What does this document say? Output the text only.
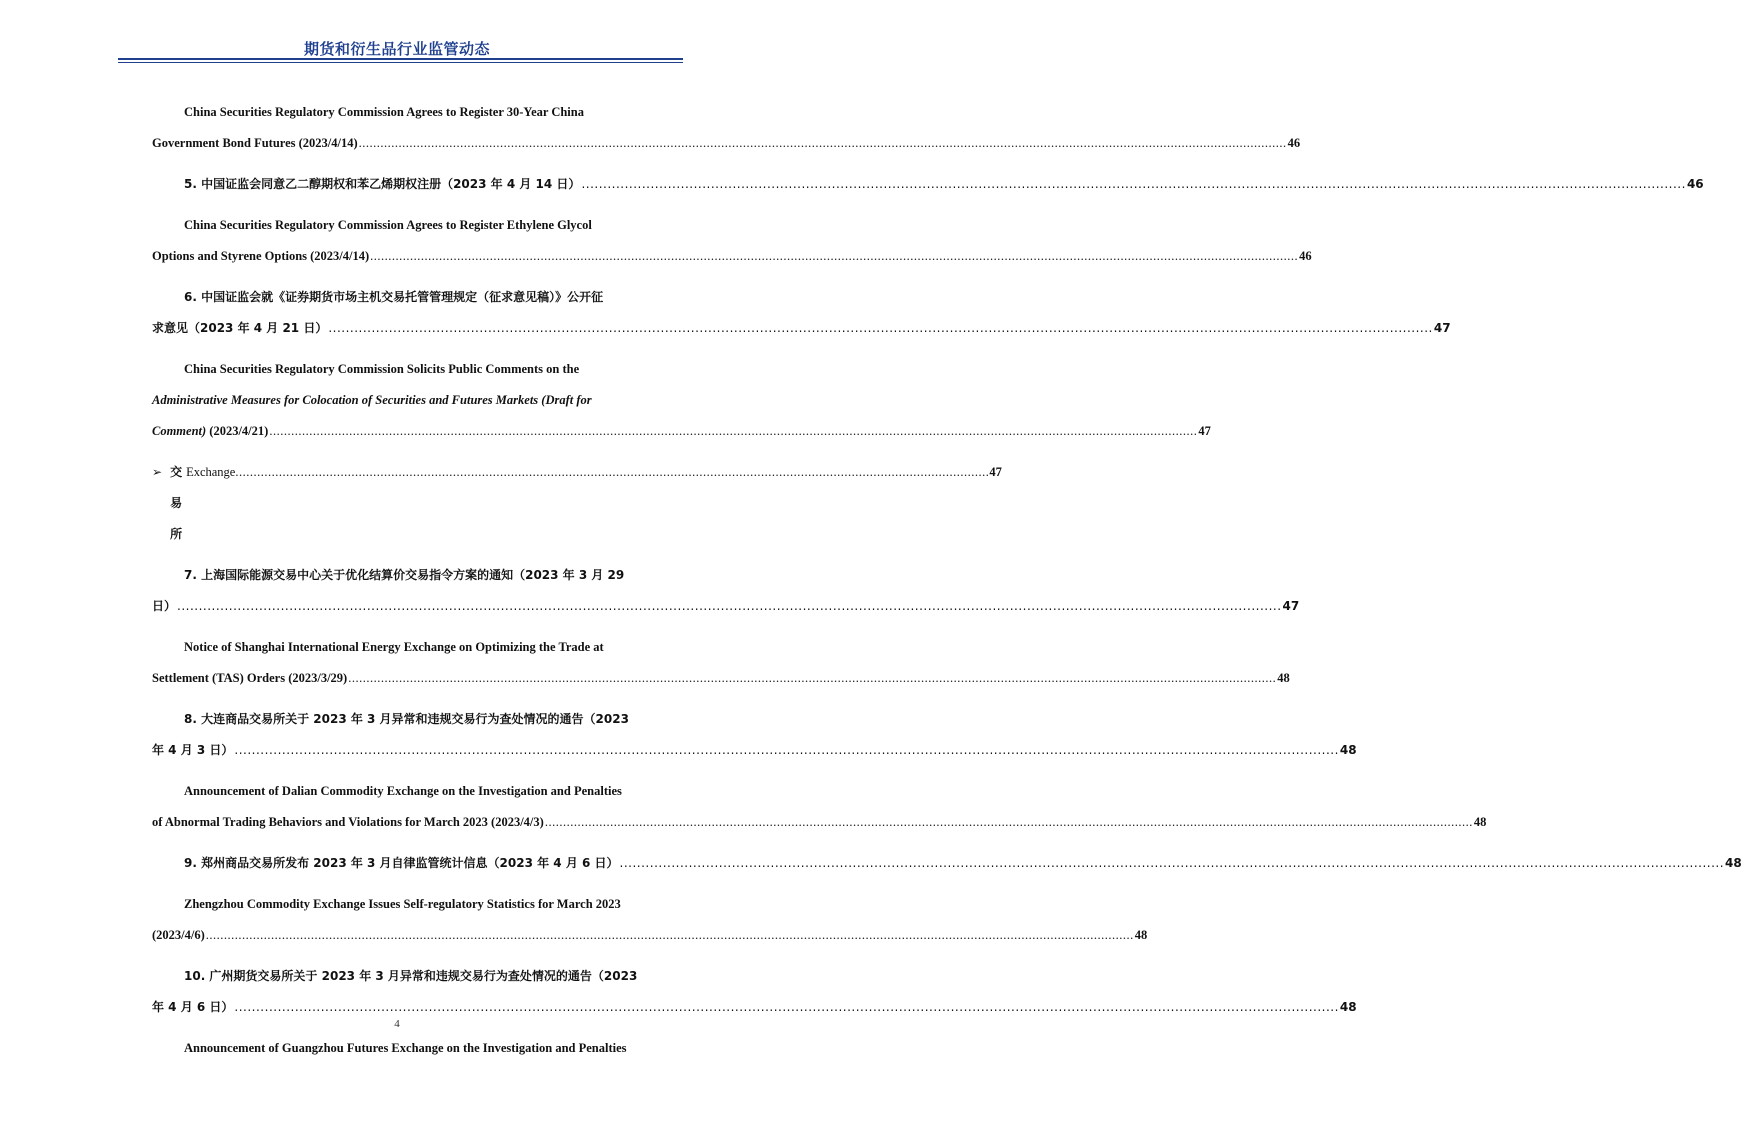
期货和衍生品行业监管动态
China Securities Regulatory Commission Agrees to Register 30-Year China
Government Bond Futures (2023/4/14) .....	46
5. 中国证监会同意乙二醇期权和苯乙烯期权注册（2023 年 4 月 14 日） .....	46
China Securities Regulatory Commission Agrees to Register Ethylene Glycol
Options and Styrene Options (2023/4/14) .....	46
6. 中国证监会就《证券期货市场主机交易托管管理规定（征求意见稿）》公开征
求意见（2023 年 4 月 21 日） .....	47
China Securities Regulatory Commission Solicits Public Comments on the
Administrative Measures for Colocation of Securities and Futures Markets (Draft for
Comment) (2023/4/21) .....	47
➢ 交易所
Exchange ................................................................................................................................................................................................................ 47
7. 上海国际能源交易中心关于优化结算价交易指令方案的通知（2023 年 3 月 29
日） .....	47
Notice of Shanghai International Energy Exchange on Optimizing the Trade at
Settlement (TAS) Orders (2023/3/29) .....	48
8. 大连商品交易所关于 2023 年 3 月异常和违规交易行为查处情况的通告（2023
年 4 月 3 日） .....	48
Announcement of Dalian Commodity Exchange on the Investigation and Penalties
of Abnormal Trading Behaviors and Violations for March 2023 (2023/4/3) .....	48
9. 郑州商品交易所发布 2023 年 3 月自律监管统计信息（2023 年 4 月 6 日） .....	48
Zhengzhou Commodity Exchange Issues Self-regulatory Statistics for March 2023
(2023/4/6) .....	48
10. 广州期货交易所关于 2023 年 3 月异常和违规交易行为查处情况的通告（2023
年 4 月 6 日） .....	48
Announcement of Guangzhou Futures Exchange on the Investigation and Penalties
4
